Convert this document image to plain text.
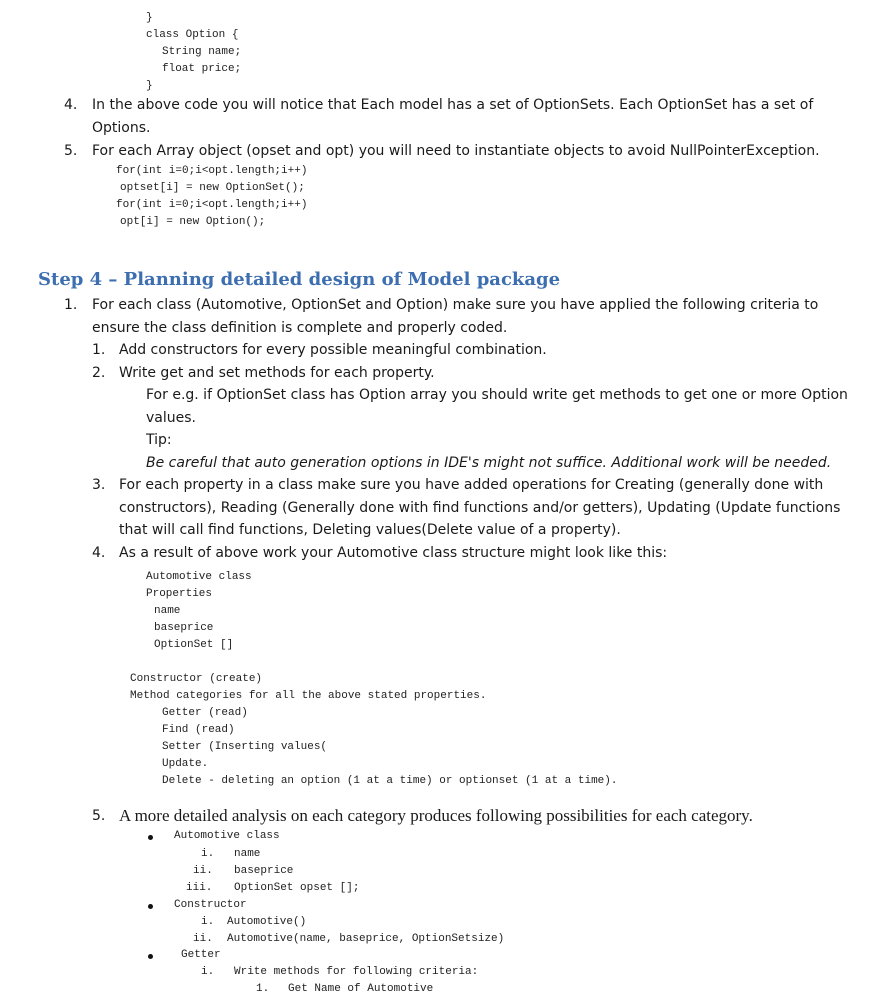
}
class Option {
String name;
float price;
}
4. In the above code you will notice that Each model has a set of OptionSets. Each OptionSet has a set of
Options.
5. For each Array object (opset and opt) you will need to instantiate objects to avoid NullPointerException.
for(int i=0;i<opt.length;i++)
optset[i] = new OptionSet();
for(int i=0;i<opt.length;i++)
opt[i] = new Option();
Step 4 – Planning detailed design of Model package
1. For each class (Automotive, OptionSet and Option) make sure you have applied the following criteria to
ensure the class definition is complete and properly coded.
1. Add constructors for every possible meaningful combination.
2. Write get and set methods for each property.
For e.g. if OptionSet class has Option array you should write get methods to get one or more Option
values.
Tip:
Be careful that auto generation options in IDE's might not suffice. Additional work will be needed.
3. For each property in a class make sure you have added operations for Creating (generally done with
constructors), Reading (Generally done with find functions and/or getters), Updating (Update functions
that will call find functions, Deleting values(Delete value of a property).
4. As a result of above work your Automotive class structure might look like this:
Automotive class
Properties
name
baseprice
OptionSet []
Constructor (create)
Method categories for all the above stated properties.
Getter (read)
Find (read)
Setter (Inserting values(
Update.
Delete - deleting an option (1 at a time) or optionset (1 at a time).
5. A more detailed analysis on each category produces following possibilities for each category.
Automotive class
i. name
ii. baseprice
iii. OptionSet opset [];
Constructor
i. Automotive()
ii. Automotive(name, baseprice, OptionSetsize)
Getter
i. Write methods for following criteria:
1. Get Name of Automotive
